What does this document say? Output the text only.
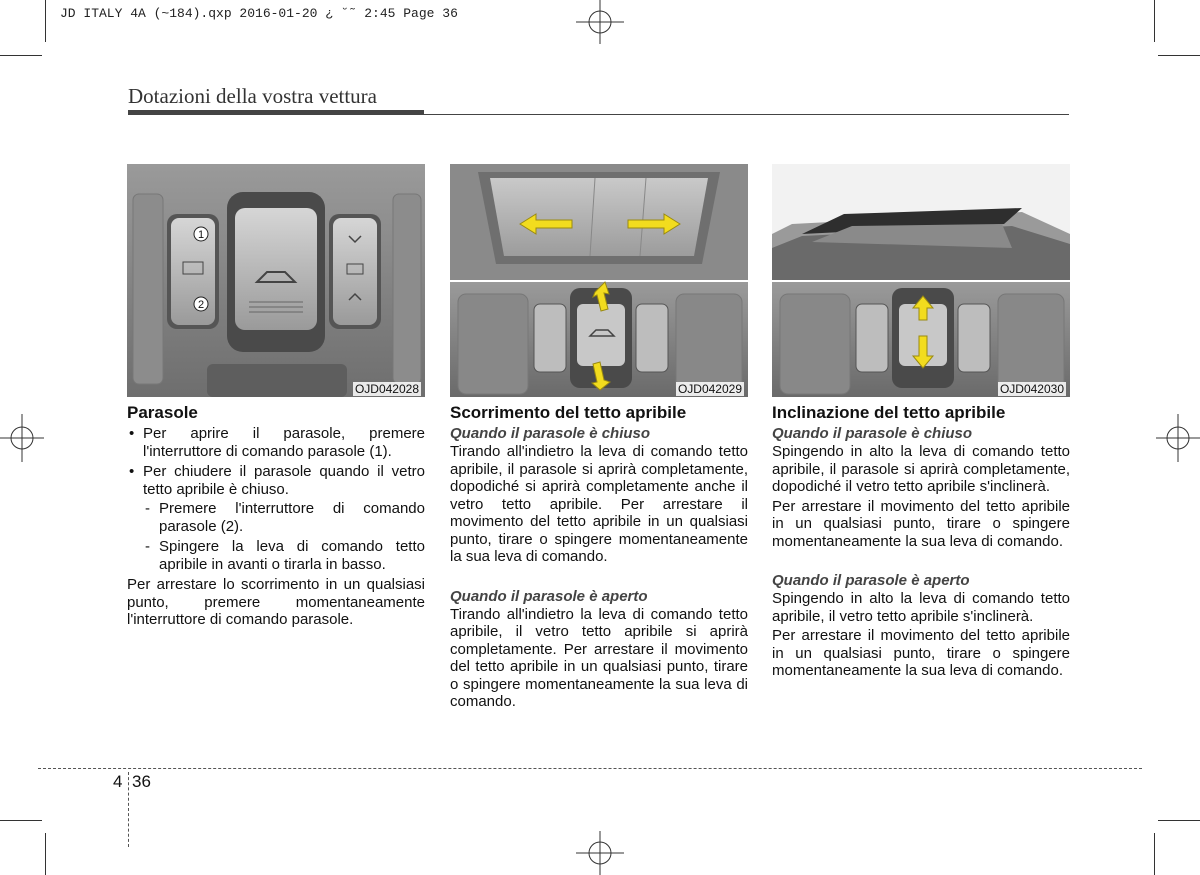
JD ITALY 4A (~184).qxp 2016-01-20 ¿ ˘˜ 2:45 Page 36
Dotazioni della vostra vettura
1
2
OJD042028
Parasole
• Per aprire il parasole, premere l'interruttore di comando parasole (1).
• Per chiudere il parasole quando il vetro tetto apribile è chiuso.
- Premere l'interruttore di comando parasole (2).
- Spingere la leva di comando tetto apribile in avanti o tirarla in basso.

Per arrestare lo scorrimento in un qualsiasi punto, premere momentaneamente l'interruttore di comando parasole.

OJD042029
Scorrimento del tetto apribile
Quando il parasole è chiuso

Tirando all'indietro la leva di comando tetto apribile, il parasole si aprirà completamente, dopodiché si aprirà completamente anche il vetro tetto apribile. Per arrestare il movimento del tetto apribile in un qualsiasi punto, tirare o spingere momentaneamente la sua leva di comando.

Quando il parasole è aperto

Tirando all'indietro la leva di comando tetto apribile, il vetro tetto apribile si aprirà completamente. Per arrestare il movimento del tetto apribile in un qualsiasi punto, tirare o spingere momentaneamente la sua leva di comando.

OJD042030
Inclinazione del tetto apribile
Quando il parasole è chiuso

Spingendo in alto la leva di comando tetto apribile, il parasole si aprirà completamente, dopodiché il vetro tetto apribile s'inclinerà.

Per arrestare il movimento del tetto apribile in un qualsiasi punto, tirare o spingere momentaneamente la sua leva di comando.

Quando il parasole è aperto

Spingendo in alto la leva di comando tetto apribile, il vetro tetto apribile s'inclinerà.

Per arrestare il movimento del tetto apribile in un qualsiasi punto, tirare o spingere momentaneamente la sua leva di comando.

4 36
